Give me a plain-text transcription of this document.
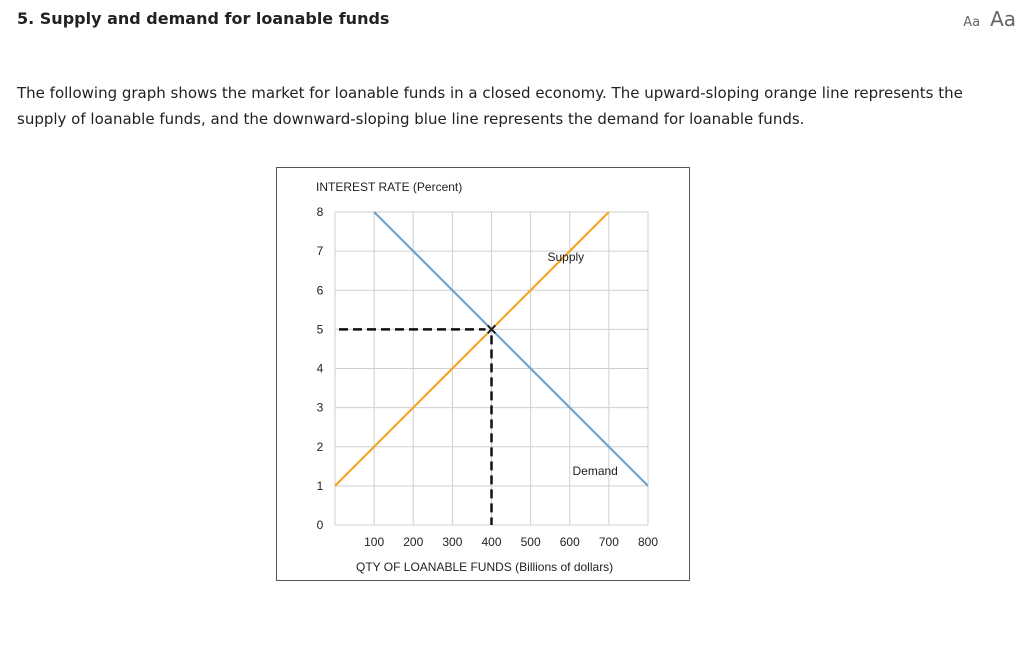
5. Supply and demand for loanable funds	Aa Aa
The following graph shows the market for loanable funds in a closed economy. The upward-sloping orange line represents the supply of loanable funds, and the downward-sloping blue line represents the demand for loanable funds.
INTEREST RATE (Percent)
QTY OF LOANABLE FUNDS (Billions of dollars)
0
1
2
3
4
5
6
7
8
100 200 300 400 500 600 700 800
Supply
Demand
×
